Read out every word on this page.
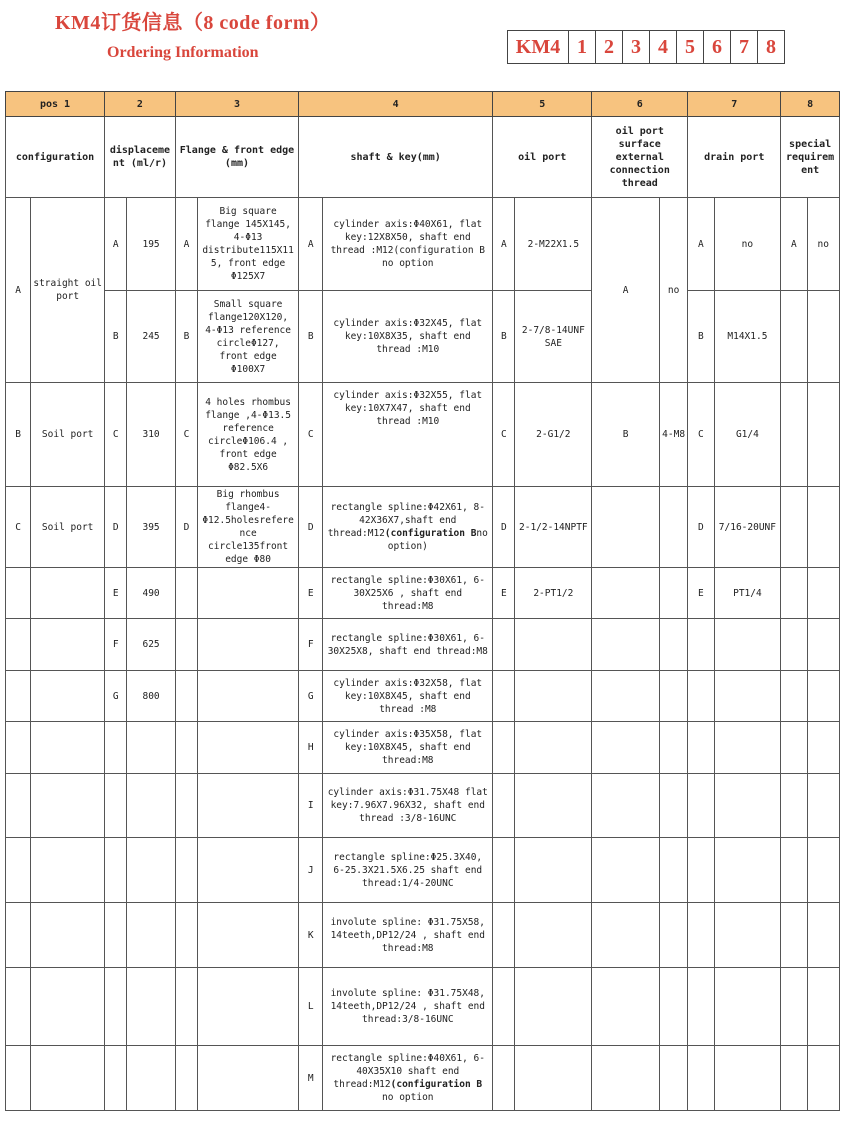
KM4订货信息（8 code form）
Ordering Information	KM4 1 2 3 4 5 6 7 8
pos 1		2		3		4		5		6		7		8	
configuration		displacement (ml/r)		Flange & front edge (mm)		shaft & key(mm)		oil port		oil port surface external connection thread		drain port		special requirement	
A	straight oil port	A	195	A	Big square flange 145X145, 4-Φ13 distribute115X115, front edge Φ125X7	A	cylinder axis:Φ40X61, flat key:12X8X50, shaft end thread :M12(configuration B no option	A	2-M22X1.5	A	no	A	no	A	no
		B	245	B	Small square flange120X120, 4-Φ13 reference circleΦ127, front edge Φ100X7	B	cylinder axis:Φ32X45, flat key:10X8X35, shaft end thread :M10	B	2-7/8-14UNF SAE			B	M14X1.5		
B	Soil port	C	310	C	4 holes rhombus flange ,4-Φ13.5 reference circleΦ106.4 , front edge Φ82.5X6	C	cylinder axis:Φ32X55, flat key:10X7X47, shaft end thread :M10	C	2-G1/2	B	4-M8	C	G1/4		
C	Soil port	D	395	D	Big rhombus flange4-Φ12.5holesreference circle135front edge Φ80	D	rectangle spline:Φ42X61, 8-42X36X7,shaft end thread:M12(configuration Bno option)	D	2-1/2-14NPTF			D	7/16-20UNF		
		E	490			E	rectangle spline:Φ30X61, 6-30X25X6 , shaft end thread:M8	E	2-PT1/2			E	PT1/4		
		F	625			F	rectangle spline:Φ30X61, 6-30X25X8, shaft end thread:M8								
		G	800			G	cylinder axis:Φ32X58, flat key:10X8X45, shaft end thread :M8								
						H	cylinder axis:Φ35X58, flat key:10X8X45, shaft end thread:M8								
						I	cylinder axis:Φ31.75X48 flat key:7.96X7.96X32, shaft end thread :3/8-16UNC								
						J	rectangle spline:Φ25.3X40, 6-25.3X21.5X6.25 shaft end thread:1/4-20UNC								
						K	involute spline: Φ31.75X58, 14teeth,DP12/24 , shaft end thread:M8								
						L	involute spline: Φ31.75X48, 14teeth,DP12/24 , shaft end thread:3/8-16UNC								
						M	rectangle spline:Φ40X61, 6-40X35X10 shaft end thread:M12(configuration B no option								
